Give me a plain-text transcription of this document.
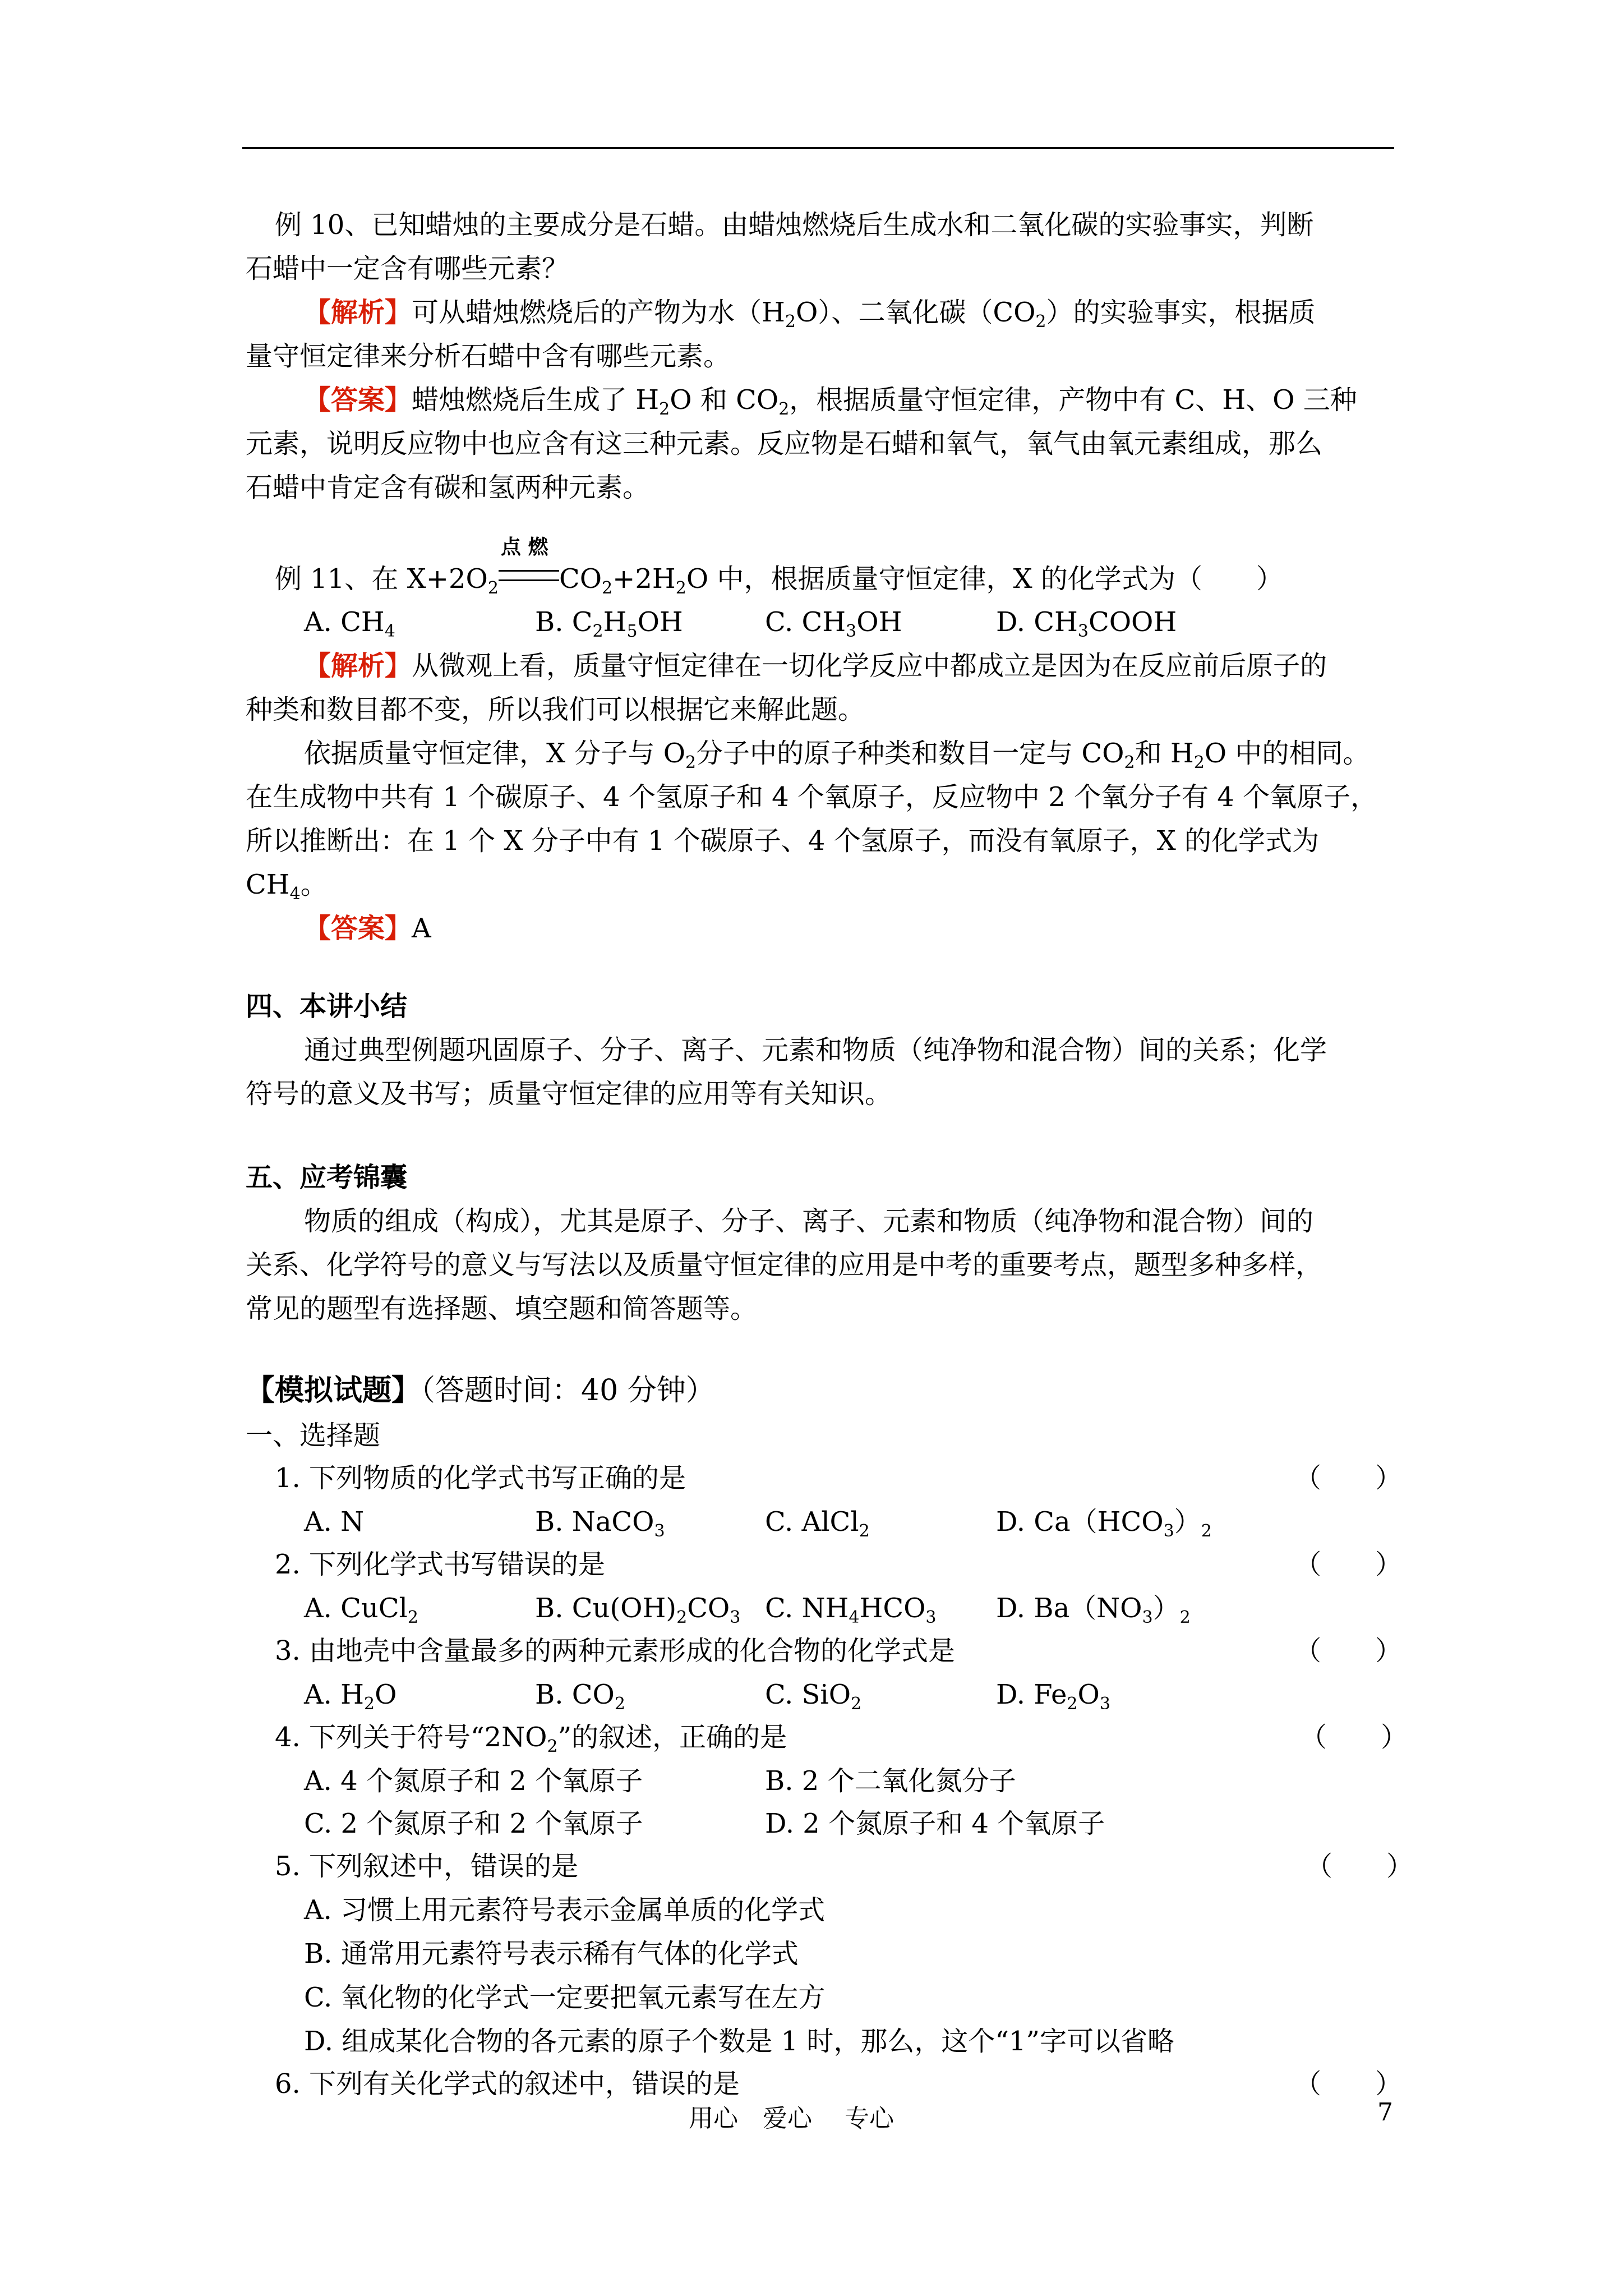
例 10、已知蜡烛的主要成分是石蜡。由蜡烛燃烧后生成水和二氧化碳的实验事实，判断
石蜡中一定含有哪些元素？
【解析】可从蜡烛燃烧后的产物为水$(H_2O)$、二氧化碳$(CO_2)$的实验事实，根据质
量守恒定律来分析石蜡中含有哪些元素。
【答案】蜡烛燃烧后生成了 $H_2O$ 和 $CO_2$，根据质量守恒定律，产物中有 C、H、O 三种
元素，说明反应物中也应含有这三种元素。反应物是石蜡和氧气，氧气由氧元素组成，那么
石蜡中肯定含有碳和氢两种元素。
例 11、在 $X+2O_2$
点 燃
$CO_2+2H_2O$ 中，根据质量守恒定律，X 的化学式为（　　）
A. $CH_4$	B. $C_2H_5OH$	C. $CH_3OH$	D. $CH_3COOH$
【解析】从微观上看，质量守恒定律在一切化学反应中都成立是因为在反应前后原子的
种类和数目都不变，所以我们可以根据它来解此题。
依据质量守恒定律，X 分子与 $O_2$分子中的原子种类和数目一定与 $CO_2$和 $H_2O$ 中的相同。
在生成物中共有 1 个碳原子、4 个氢原子和 4 个氧原子，反应物中 2 个氧分子有 4 个氧原子，
所以推断出：在 1 个 X 分子中有 1 个碳原子、4 个氢原子，而没有氧原子，X 的化学式为
$CH_4$。
【答案】A
四、本讲小结
通过典型例题巩固原子、分子、离子、元素和物质（纯净物和混合物）间的关系；化学
符号的意义及书写；质量守恒定律的应用等有关知识。
五、应考锦囊
物质的组成（构成），尤其是原子、分子、离子、元素和物质（纯净物和混合物）间的
关系、化学符号的意义与写法以及质量守恒定律的应用是中考的重要考点，题型多种多样，
常见的题型有选择题、填空题和简答题等。
【模拟试题】（答题时间：40 分钟）
一、选择题
1. 下列物质的化学式书写正确的是	（　　）
A. N	B. NaCO$_3$	C. AlCl$_2$	D. $Ca(HCO_3)_2$
2. 下列化学式书写错误的是	（　　）
A. CuCl$_2$	B. $Cu(OH)_2CO_3$ C. $NH_4HCO_3$ D. $Ba(NO_3)_2$
3. 由地壳中含量最多的两种元素形成的化合物的化学式是	（　　）
A. $H_2O$	B. $CO_2$	C. SiO$_2$	D. $Fe_2O_3$
4. 下列关于符号“$2NO_2$”的叙述，正确的是	（　　）
A. 4 个氮原子和 2 个氧原子	B. 2 个二氧化氮分子
C. 2 个氮原子和 2 个氧原子	D. 2 个氮原子和 4 个氧原子
5. 下列叙述中，错误的是	（　　）
A. 习惯上用元素符号表示金属单质的化学式
B. 通常用元素符号表示稀有气体的化学式
C. 氧化物的化学式一定要把氧元素写在左方
D. 组成某化合物的各元素的原子个数是 1 时，那么，这个“1”字可以省略
6. 下列有关化学式的叙述中，错误的是	（　　）
用心　爱心　 专心	7
